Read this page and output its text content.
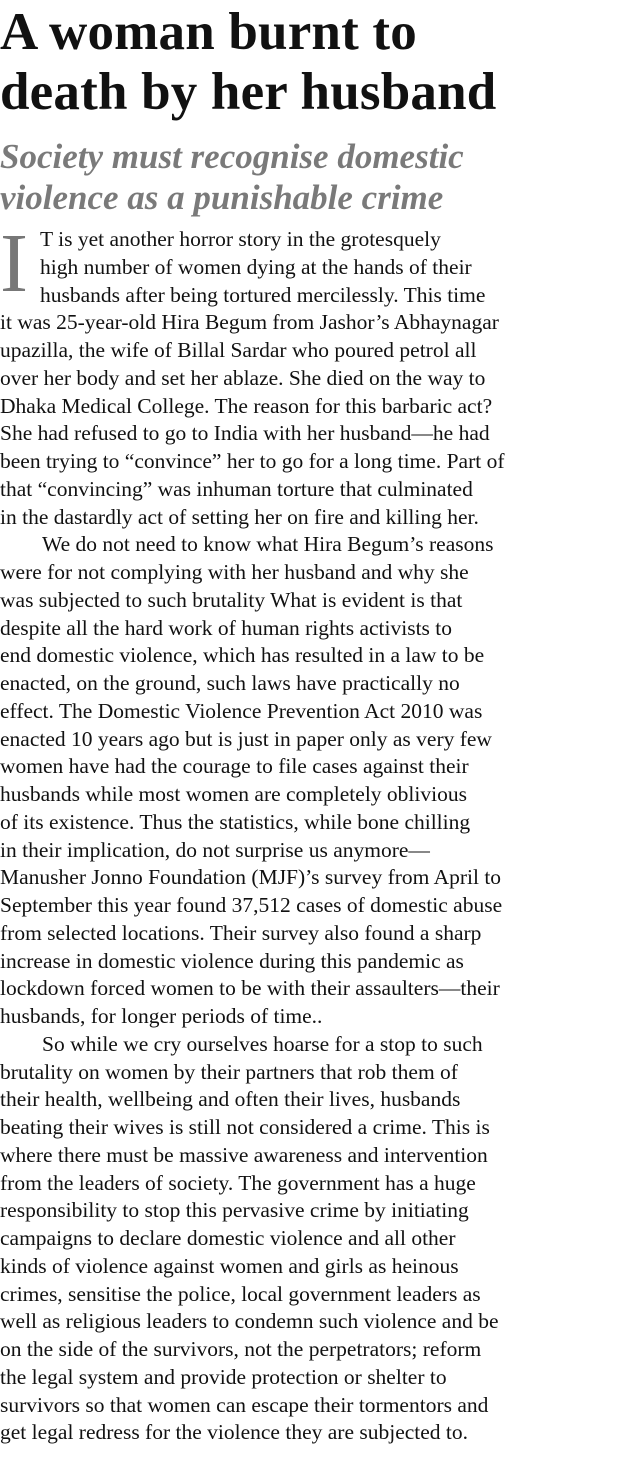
A woman burnt to
death by her husband
Society must recognise domestic
violence as a punishable crime
I T is yet another horror story in the grotesquely
high number of women dying at the hands of their
husbands after being tortured mercilessly. This time
it was 25-year-old Hira Begum from Jashor’s Abhaynagar
upazilla, the wife of Billal Sardar who poured petrol all
over her body and set her ablaze. She died on the way to
Dhaka Medical College. The reason for this barbaric act?
She had refused to go to India with her husband—he had
been trying to “convince” her to go for a long time. Part of
that “convincing” was inhuman torture that culminated
in the dastardly act of setting her on fire and killing her.
We do not need to know what Hira Begum’s reasons
were for not complying with her husband and why she
was subjected to such brutality What is evident is that
despite all the hard work of human rights activists to
end domestic violence, which has resulted in a law to be
enacted, on the ground, such laws have practically no
effect. The Domestic Violence Prevention Act 2010 was
enacted 10 years ago but is just in paper only as very few
women have had the courage to file cases against their
husbands while most women are completely oblivious
of its existence. Thus the statistics, while bone chilling
in their implication, do not surprise us anymore—
Manusher Jonno Foundation (MJF)’s survey from April to
September this year found 37,512 cases of domestic abuse
from selected locations. Their survey also found a sharp
increase in domestic violence during this pandemic as
lockdown forced women to be with their assaulters—their
husbands, for longer periods of time..
So while we cry ourselves hoarse for a stop to such
brutality on women by their partners that rob them of
their health, wellbeing and often their lives, husbands
beating their wives is still not considered a crime. This is
where there must be massive awareness and intervention
from the leaders of society. The government has a huge
responsibility to stop this pervasive crime by initiating
campaigns to declare domestic violence and all other
kinds of violence against women and girls as heinous
crimes, sensitise the police, local government leaders as
well as religious leaders to condemn such violence and be
on the side of the survivors, not the perpetrators; reform
the legal system and provide protection or shelter to
survivors so that women can escape their tormentors and
get legal redress for the violence they are subjected to.
